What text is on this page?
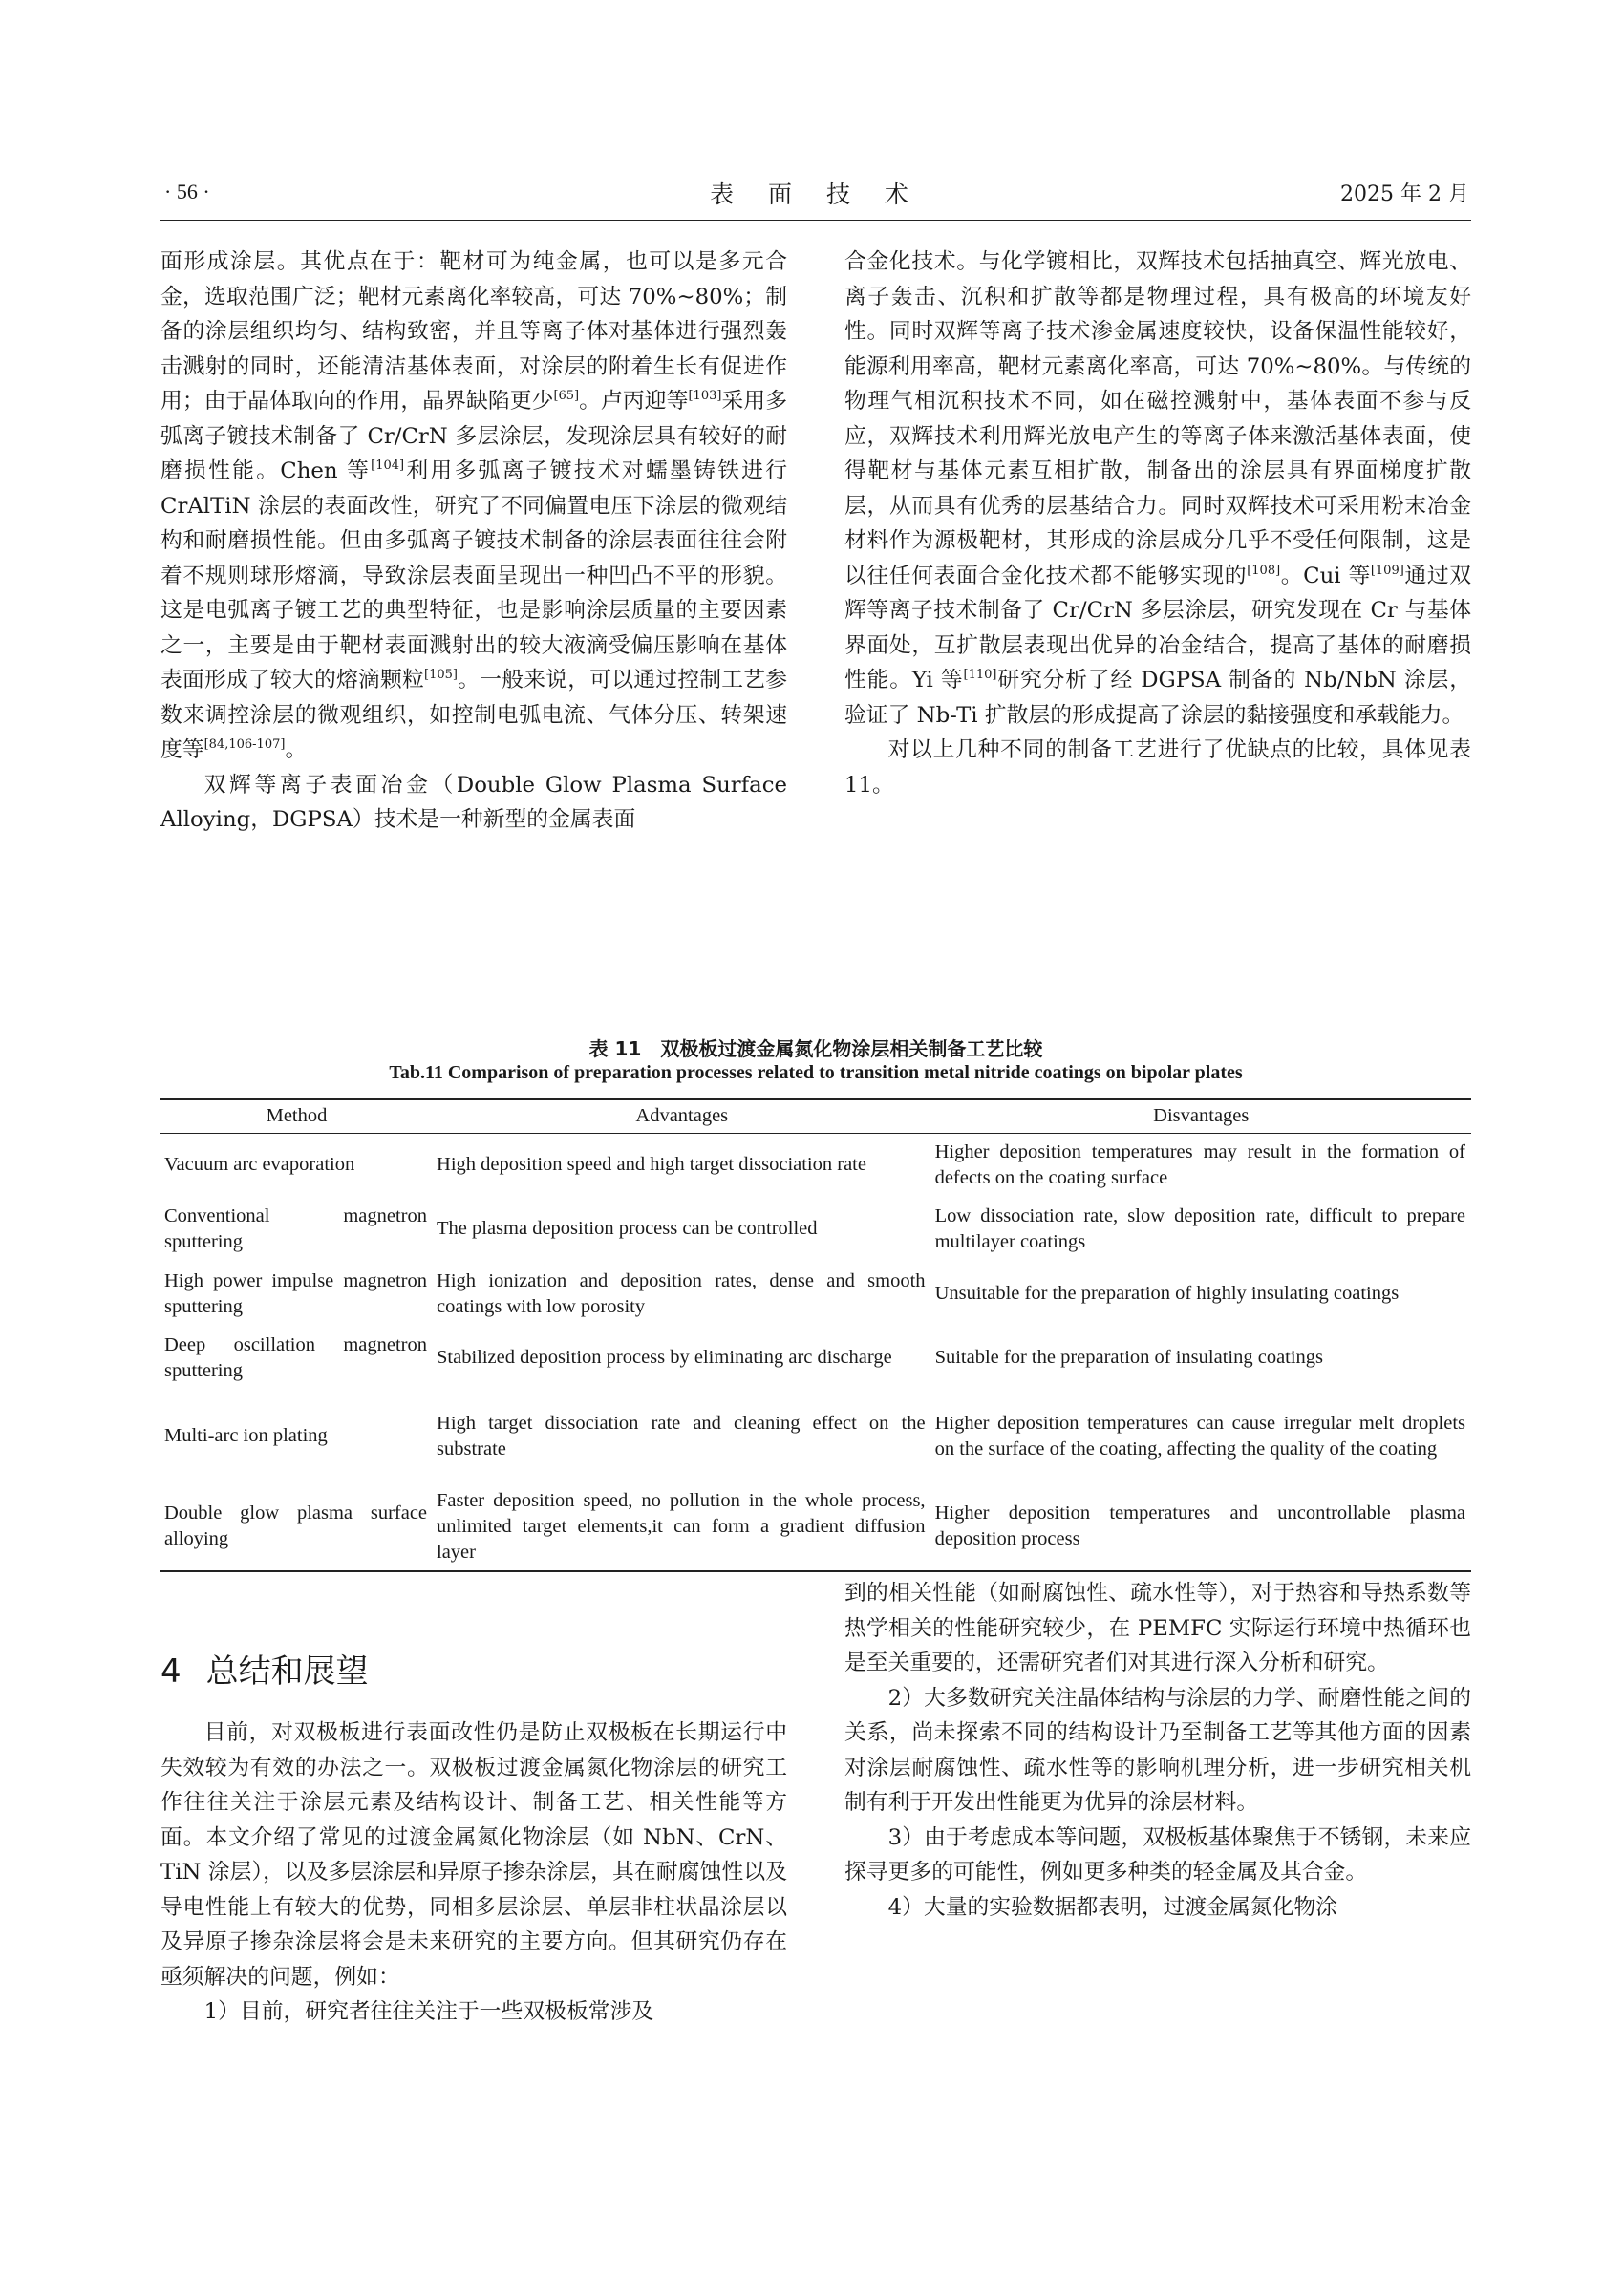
· 56 ·	表 面 技 术	2025 年 2 月

面形成涂层。其优点在于：靶材可为纯金属，也可以是多元合金，选取范围广泛；靶材元素离化率较高，可达 70%~80%；制备的涂层组织均匀、结构致密，并且等离子体对基体进行强烈轰击溅射的同时，还能清洁基体表面，对涂层的附着生长有促进作用；由于晶体取向的作用，晶界缺陷更少[65]。卢丙迎等[103]采用多弧离子镀技术制备了 Cr/CrN 多层涂层，发现涂层具有较好的耐磨损性能。Chen 等[104]利用多弧离子镀技术对蠕墨铸铁进行 CrAlTiN 涂层的表面改性，研究了不同偏置电压下涂层的微观结构和耐磨损性能。但由多弧离子镀技术制备的涂层表面往往会附着不规则球形熔滴，导致涂层表面呈现出一种凹凸不平的形貌。这是电弧离子镀工艺的典型特征，也是影响涂层质量的主要因素之一，主要是由于靶材表面溅射出的较大液滴受偏压影响在基体表面形成了较大的熔滴颗粒[105]。一般来说，可以通过控制工艺参数来调控涂层的微观组织，如控制电弧电流、气体分压、转架速度等[84,106-107]。

双辉等离子表面冶金（Double Glow Plasma Surface Alloying，DGPSA）技术是一种新型的金属表面

合金化技术。与化学镀相比，双辉技术包括抽真空、辉光放电、离子轰击、沉积和扩散等都是物理过程，具有极高的环境友好性。同时双辉等离子技术渗金属速度较快，设备保温性能较好，能源利用率高，靶材元素离化率高，可达 70%~80%。与传统的物理气相沉积技术不同，如在磁控溅射中，基体表面不参与反应，双辉技术利用辉光放电产生的等离子体来激活基体表面，使得靶材与基体元素互相扩散，制备出的涂层具有界面梯度扩散层，从而具有优秀的层基结合力。同时双辉技术可采用粉末冶金材料作为源极靶材，其形成的涂层成分几乎不受任何限制，这是以往任何表面合金化技术都不能够实现的[108]。Cui 等[109]通过双辉等离子技术制备了 Cr/CrN 多层涂层，研究发现在 Cr 与基体界面处，互扩散层表现出优异的冶金结合，提高了基体的耐磨损性能。Yi 等[110]研究分析了经 DGPSA 制备的 Nb/NbN 涂层，验证了 Nb-Ti 扩散层的形成提高了涂层的黏接强度和承载能力。

对以上几种不同的制备工艺进行了优缺点的比较，具体见表 11。

表 11　双极板过渡金属氮化物涂层相关制备工艺比较
Tab.11 Comparison of preparation processes related to transition metal nitride coatings on bipolar plates
Method	Advantages	Disvantages
Vacuum arc evaporation	High deposition speed and high target dissociation rate	Higher deposition temperatures may result in the formation of defects on the coating surface
Conventional magnetron sputtering	The plasma deposition process can be controlled	Low dissociation rate, slow deposition rate, difficult to prepare multilayer coatings
High power impulse magnetron sputtering	High ionization and deposition rates, dense and smooth coatings with low porosity	Unsuitable for the preparation of highly insulating coatings
Deep oscillation magnetron sputtering	Stabilized deposition process by eliminating arc discharge	Suitable for the preparation of insulating coatings
Multi-arc ion plating	High target dissociation rate and cleaning effect on the substrate	Higher deposition temperatures can cause irregular melt droplets on the surface of the coating, affecting the quality of the coating
Double glow plasma surface alloying	Faster deposition speed, no pollution in the whole process, unlimited target elements,it can form a gradient diffusion layer	Higher deposition temperatures and uncontrollable plasma deposition process
4 总结和展望

目前，对双极板进行表面改性仍是防止双极板在长期运行中失效较为有效的办法之一。双极板过渡金属氮化物涂层的研究工作往往关注于涂层元素及结构设计、制备工艺、相关性能等方面。本文介绍了常见的过渡金属氮化物涂层（如 NbN、CrN、TiN 涂层），以及多层涂层和异原子掺杂涂层，其在耐腐蚀性以及导电性能上有较大的优势，同相多层涂层、单层非柱状晶涂层以及异原子掺杂涂层将会是未来研究的主要方向。但其研究仍存在亟须解决的问题，例如：

1）目前，研究者往往关注于一些双极板常涉及

到的相关性能（如耐腐蚀性、疏水性等），对于热容和导热系数等热学相关的性能研究较少，在 PEMFC 实际运行环境中热循环也是至关重要的，还需研究者们对其进行深入分析和研究。

2）大多数研究关注晶体结构与涂层的力学、耐磨性能之间的关系，尚未探索不同的结构设计乃至制备工艺等其他方面的因素对涂层耐腐蚀性、疏水性等的影响机理分析，进一步研究相关机制有利于开发出性能更为优异的涂层材料。

3）由于考虑成本等问题，双极板基体聚焦于不锈钢，未来应探寻更多的可能性，例如更多种类的轻金属及其合金。

4）大量的实验数据都表明，过渡金属氮化物涂
